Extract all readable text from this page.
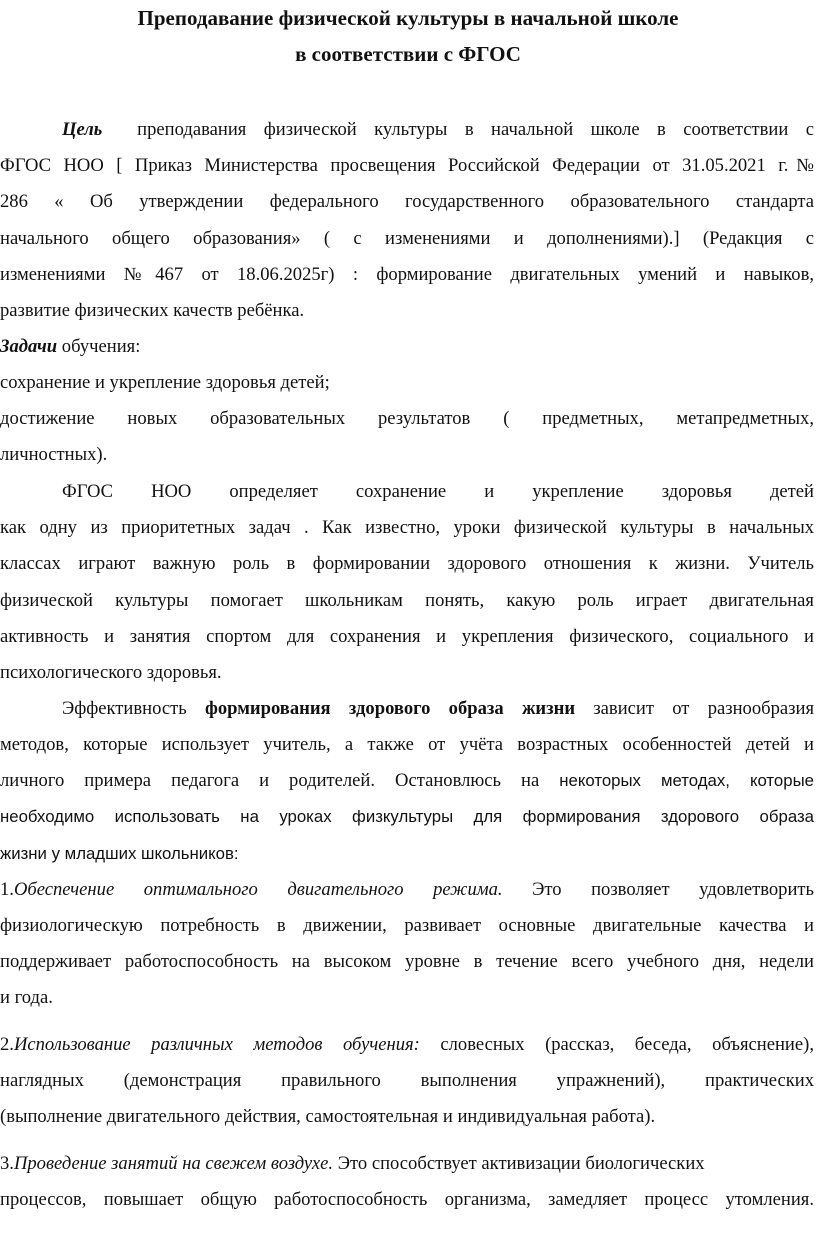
Преподавание физической культуры в начальной школе
в соответствии с ФГОС
Цель преподавания физической культуры в начальной школе в соответствии с
ФГОС НОО [ Приказ Министерства просвещения Российской Федерации от 31.05.2021 г.№
286 « Об утверждении федерального государственного образовательного стандарта
начального общего образования» ( с изменениями и дополнениями).] (Редакция с
изменениями №467 от 18.06.2025г) : формирование двигательных умений и навыков,
развитие физических качеств ребёнка.
Задачи обучения:
сохранение и укрепление здоровья детей;
достижение новых образовательных результатов ( предметных, метапредметных,
личностных).
ФГОС НОО определяет сохранение и укрепление здоровья детей
как одну из приоритетных задач . Как известно, уроки физической культуры в начальных
классах играют важную роль в формировании здорового отношения к жизни. Учитель
физической культуры помогает школьникам понять, какую роль играет двигательная
активность и занятия спортом для сохранения и укрепления физического, социального и
психологического здоровья.
Эффективность формирования здорового образа жизни зависит от разнообразия
методов, которые использует учитель, а также от учёта возрастных особенностей детей и
личного примера педагога и родителей. Остановлюсь на некоторых методах, которые
необходимо использовать на уроках физкультуры для формирования здорового образа
жизни у младших школьников:
1.Обеспечение оптимального двигательного режима. Это позволяет удовлетворить
физиологическую потребность в движении, развивает основные двигательные качества и
поддерживает работоспособность на высоком уровне в течение всего учебного дня, недели
и года.
2.Использование различных методов обучения: словесных (рассказ, беседа, объяснение),
наглядных (демонстрация правильного выполнения упражнений), практических
(выполнение двигательного действия, самостоятельная и индивидуальная работа).
3.Проведение занятий на свежем воздухе. Это способствует активизации биологических
процессов, повышает общую работоспособность организма, замедляет процесс утомления.
